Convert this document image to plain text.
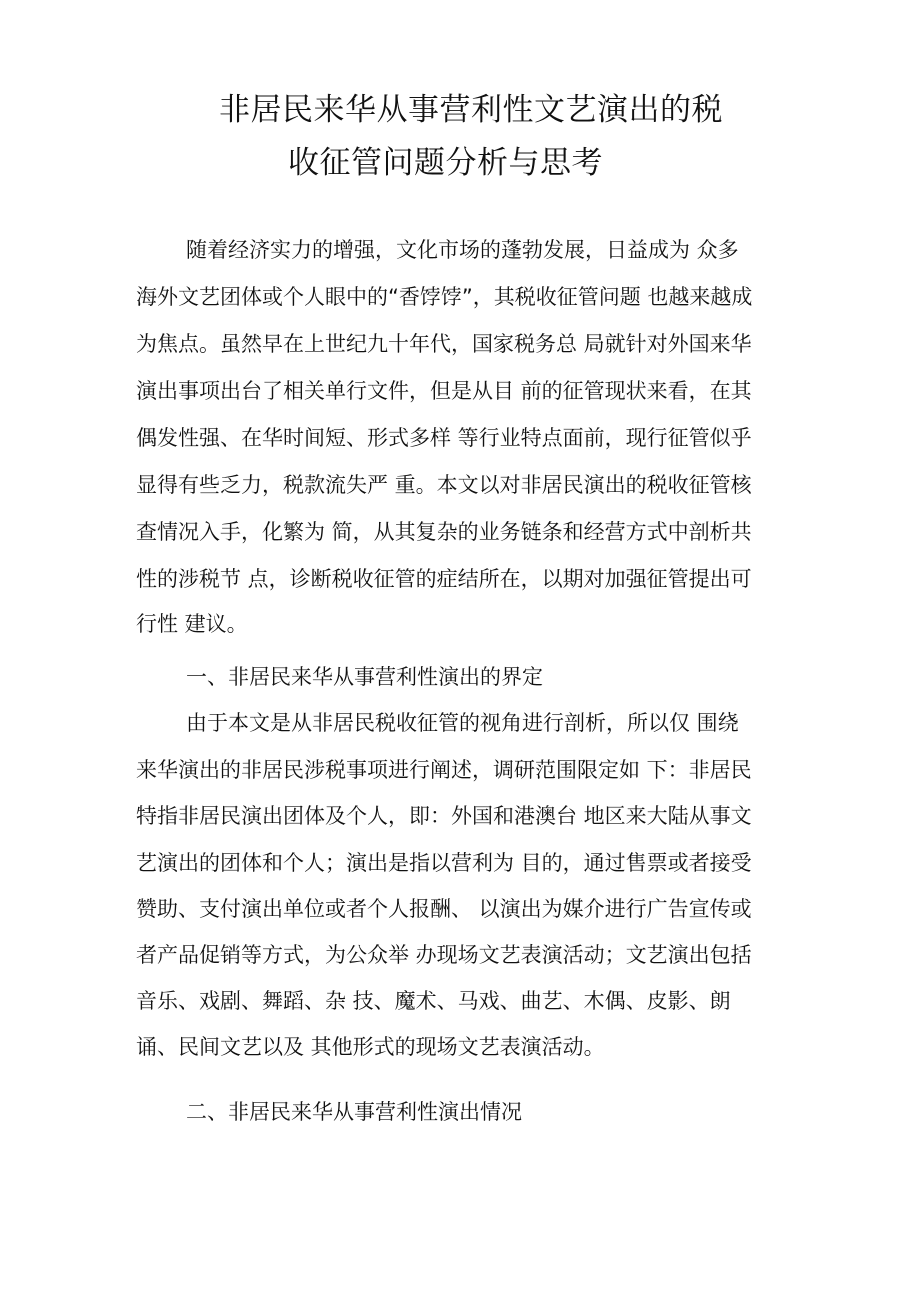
非居民来华从事营利性文艺演出的税
收征管问题分析与思考
随着经济实力的增强，文化市场的蓬勃发展，日益成为 众多
海外文艺团体或个人眼中的“香饽饽”，其税收征管问题 也越来越成
为焦点。虽然早在上世纪九十年代，国家税务总 局就针对外国来华
演出事项出台了相关单行文件，但是从目 前的征管现状来看，在其
偶发性强、在华时间短、形式多样 等行业特点面前，现行征管似乎
显得有些乏力，税款流失严 重。本文以对非居民演出的税收征管核
查情况入手，化繁为 简，从其复杂的业务链条和经营方式中剖析共
性的涉税节 点，诊断税收征管的症结所在，以期对加强征管提出可
行性 建议。
一、非居民来华从事营利性演出的界定
由于本文是从非居民税收征管的视角进行剖析，所以仅 围绕
来华演出的非居民涉税事项进行阐述，调研范围限定如 下：非居民
特指非居民演出团体及个人，即：外国和港澳台 地区来大陆从事文
艺演出的团体和个人；演出是指以营利为 目的，通过售票或者接受
赞助、支付演出单位或者个人报酬、 以演出为媒介进行广告宣传或
者产品促销等方式，为公众举 办现场文艺表演活动；文艺演出包括
音乐、戏剧、舞蹈、杂 技、魔术、马戏、曲艺、木偶、皮影、朗
诵、民间文艺以及 其他形式的现场文艺表演活动。
二、非居民来华从事营利性演出情况
